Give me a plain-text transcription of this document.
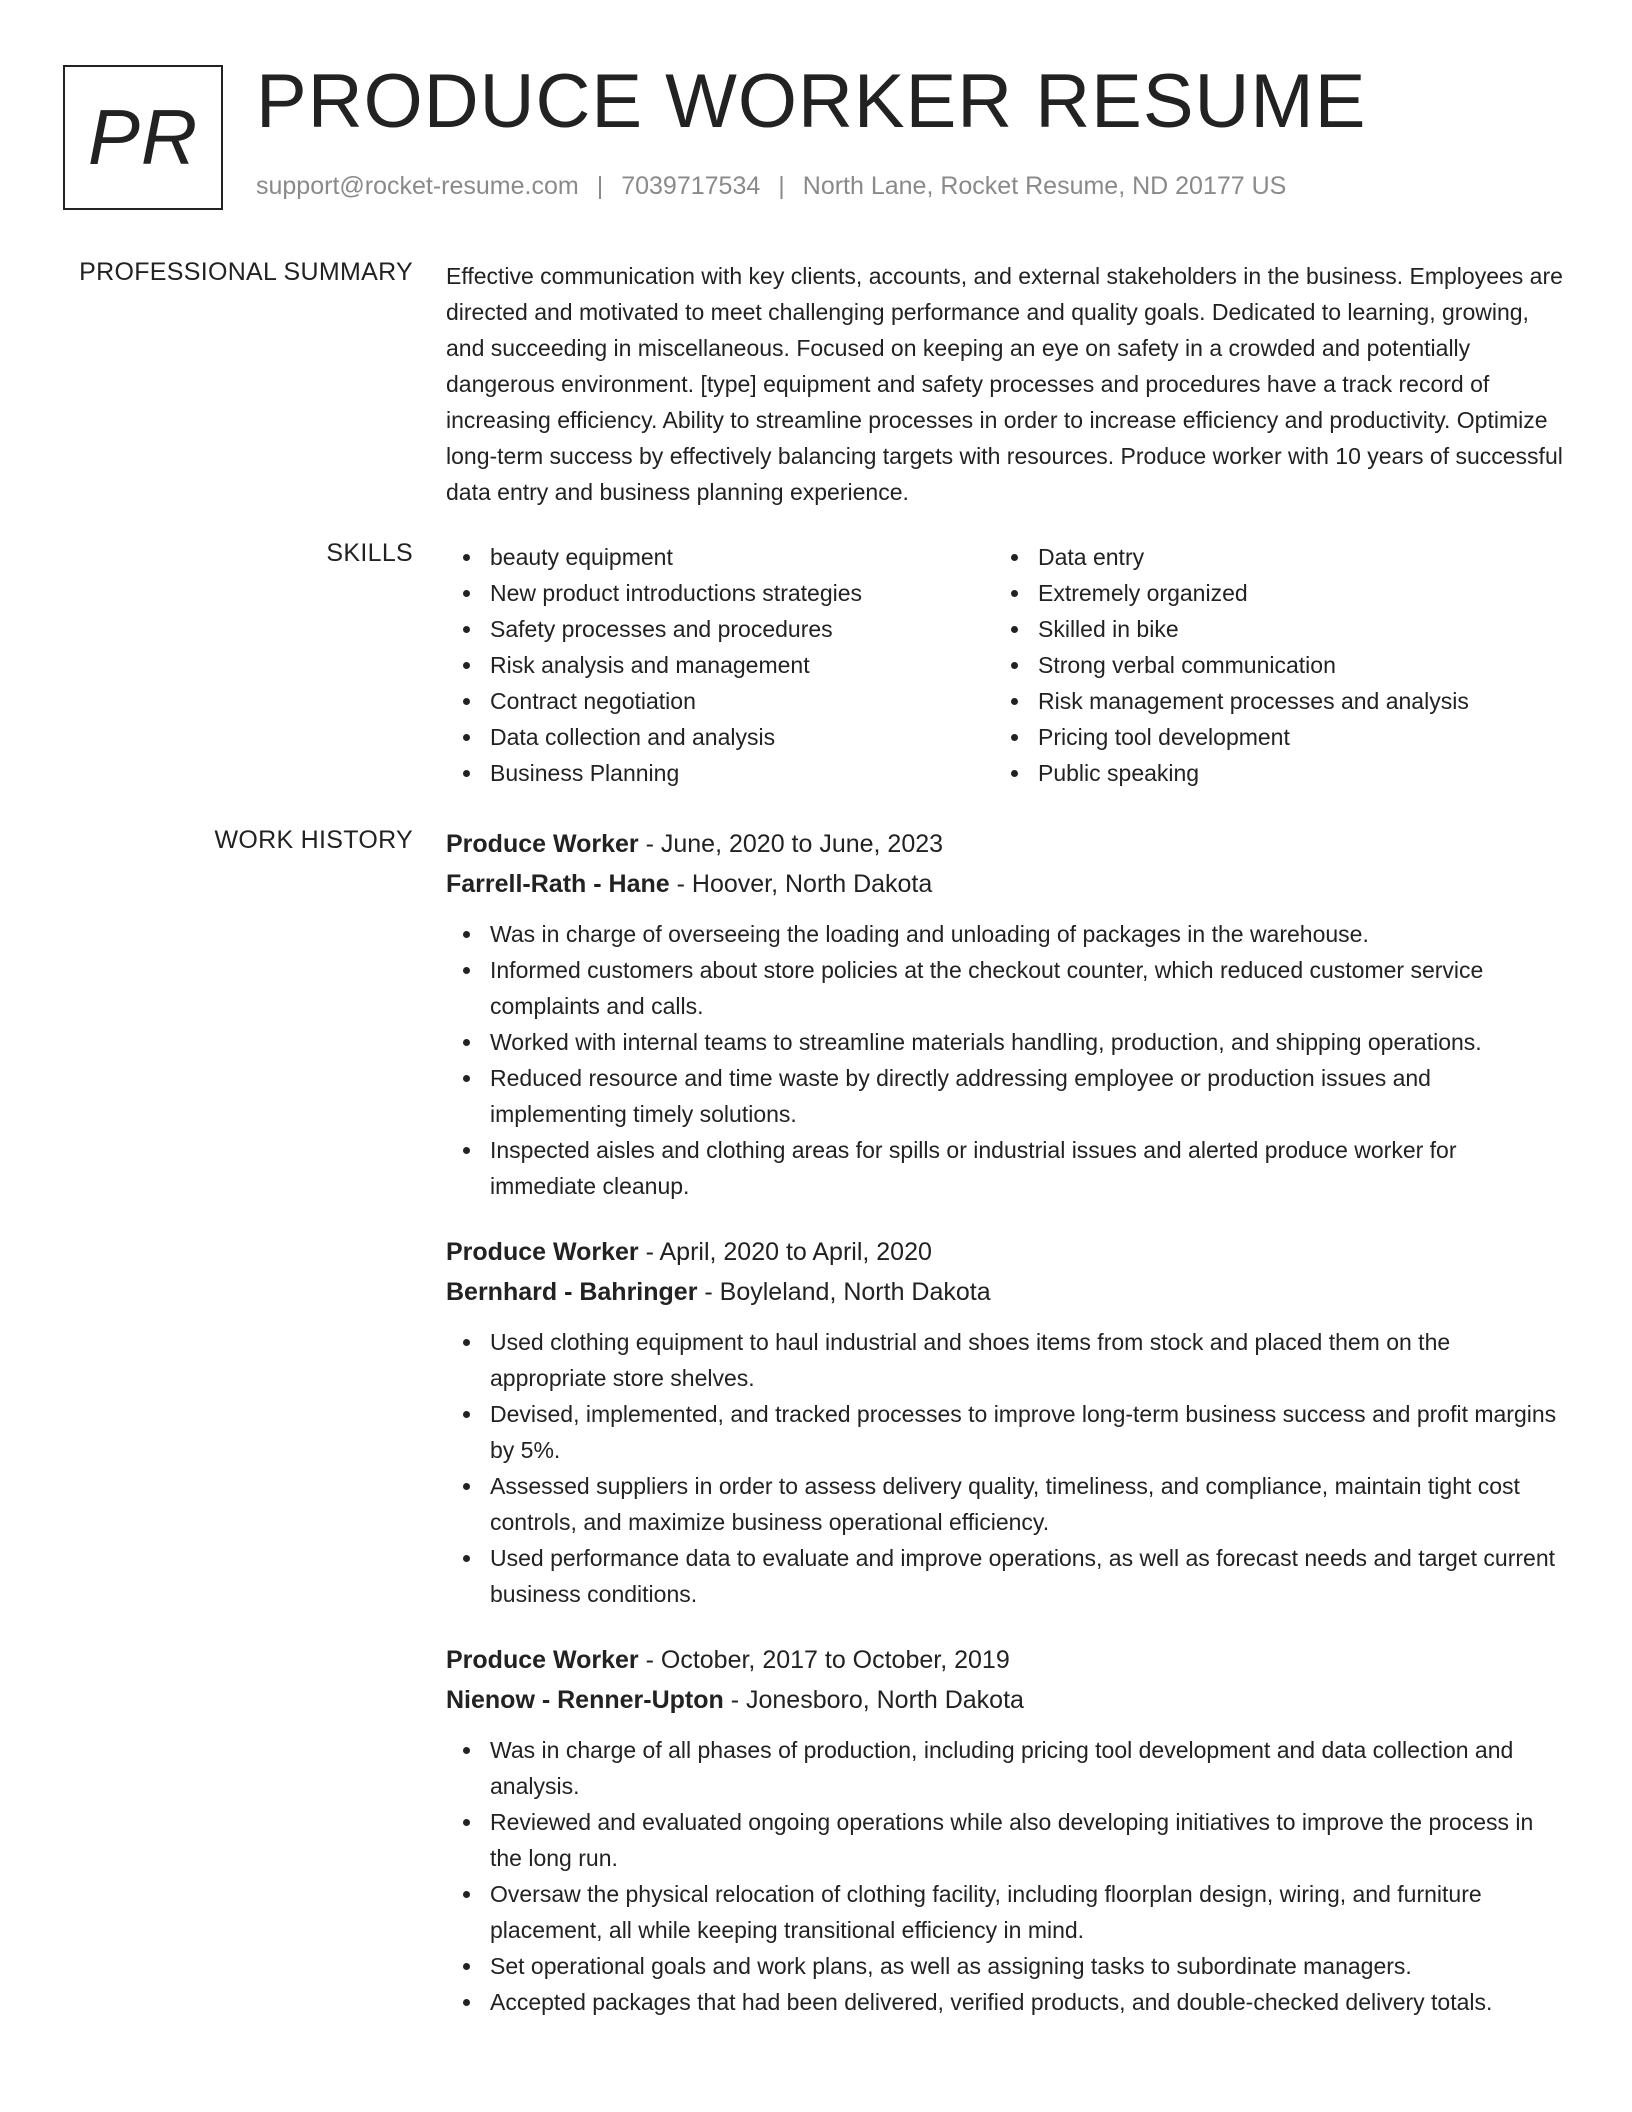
PR PRODUCE WORKER RESUME
support@rocket-resume.com | 7039717534 | North Lane, Rocket Resume, ND 20177 US
PROFESSIONAL SUMMARY Effective communication with key clients, accounts, and external stakeholders in the business. Employees are directed and motivated to meet challenging performance and quality goals. Dedicated to learning, growing, and succeeding in miscellaneous. Focused on keeping an eye on safety in a crowded and potentially dangerous environment. [type] equipment and safety processes and procedures have a track record of increasing efficiency. Ability to streamline processes in order to increase efficiency and productivity. Optimize long-term success by effectively balancing targets with resources. Produce worker with 10 years of successful data entry and business planning experience.
SKILLS	beauty equipment
New product introductions strategies
Safety processes and procedures
Risk analysis and management
Contract negotiation
Data collection and analysis
Business Planning
Data entry
Extremely organized
Skilled in bike
Strong verbal communication
Risk management processes and analysis
Pricing tool development
Public speaking
WORK HISTORY Produce Worker - June, 2020 to June, 2023
Farrell-Rath - Hane - Hoover, North Dakota
Was in charge of overseeing the loading and unloading of packages in the warehouse.
Informed customers about store policies at the checkout counter, which reduced customer service complaints and calls.
Worked with internal teams to streamline materials handling, production, and shipping operations.
Reduced resource and time waste by directly addressing employee or production issues and implementing timely solutions.
Inspected aisles and clothing areas for spills or industrial issues and alerted produce worker for immediate cleanup.
Produce Worker - April, 2020 to April, 2020
Bernhard - Bahringer - Boyleland, North Dakota
Used clothing equipment to haul industrial and shoes items from stock and placed them on the appropriate store shelves.
Devised, implemented, and tracked processes to improve long-term business success and profit margins by 5%.
Assessed suppliers in order to assess delivery quality, timeliness, and compliance, maintain tight cost controls, and maximize business operational efficiency.
Used performance data to evaluate and improve operations, as well as forecast needs and target current business conditions.
Produce Worker - October, 2017 to October, 2019
Nienow - Renner-Upton - Jonesboro, North Dakota
Was in charge of all phases of production, including pricing tool development and data collection and analysis.
Reviewed and evaluated ongoing operations while also developing initiatives to improve the process in the long run.
Oversaw the physical relocation of clothing facility, including floorplan design, wiring, and furniture placement, all while keeping transitional efficiency in mind.
Set operational goals and work plans, as well as assigning tasks to subordinate managers.
Accepted packages that had been delivered, verified products, and double-checked delivery totals.
